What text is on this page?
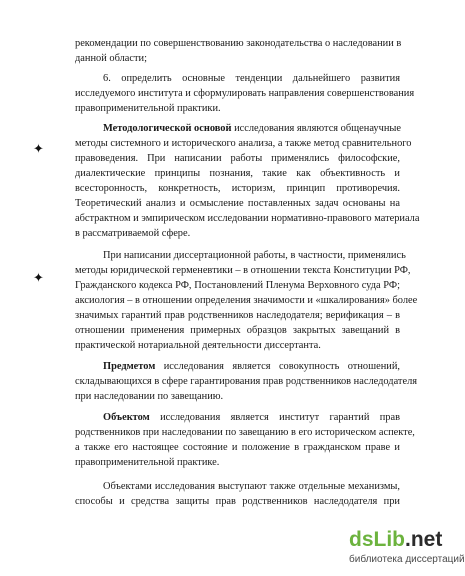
рекомендации по совершенствованию законодательства о наследовании в
данной области;
6. определить основные тенденции дальнейшего развития
исследуемого института и сформулировать направления совершенствования
правоприменительной практики.
Методологической основой исследования являются общенаучные
методы системного и исторического анализа, а также метод сравнительного
правоведения. При написании работы применялись философские,
диалектические принципы познания, такие как объективность и
всесторонность, конкретность, историзм, принцип противоречия.
Теоретический анализ и осмысление поставленных задач основаны на
абстрактном и эмпирическом исследовании нормативно-правового материала
в рассматриваемой сфере.
При написании диссертационной работы, в частности, применялись
методы юридической герменевтики – в отношении текста Конституции РФ,
Гражданского кодекса РФ, Постановлений Пленума Верховного суда РФ;
аксиология – в отношении определения значимости и «шкалирования» более
значимых гарантий прав родственников наследодателя; верификация – в
отношении применения примерных образцов закрытых завещаний в
практической нотариальной деятельности диссертанта.
Предметом исследования является совокупность отношений,
складывающихся в сфере гарантирования прав родственников наследодателя
при наследовании по завещанию.
Объектом исследования является институт гарантий прав
родственников при наследовании по завещанию в его историческом аспекте,
а также его настоящее состояние и положение в гражданском праве и
правоприменительной практике.
Объектами исследования выступают также отдельные механизмы,
способы и средства защиты прав родственников наследодателя при
✦
✦
dsLib.net
библиотека диссертаций
